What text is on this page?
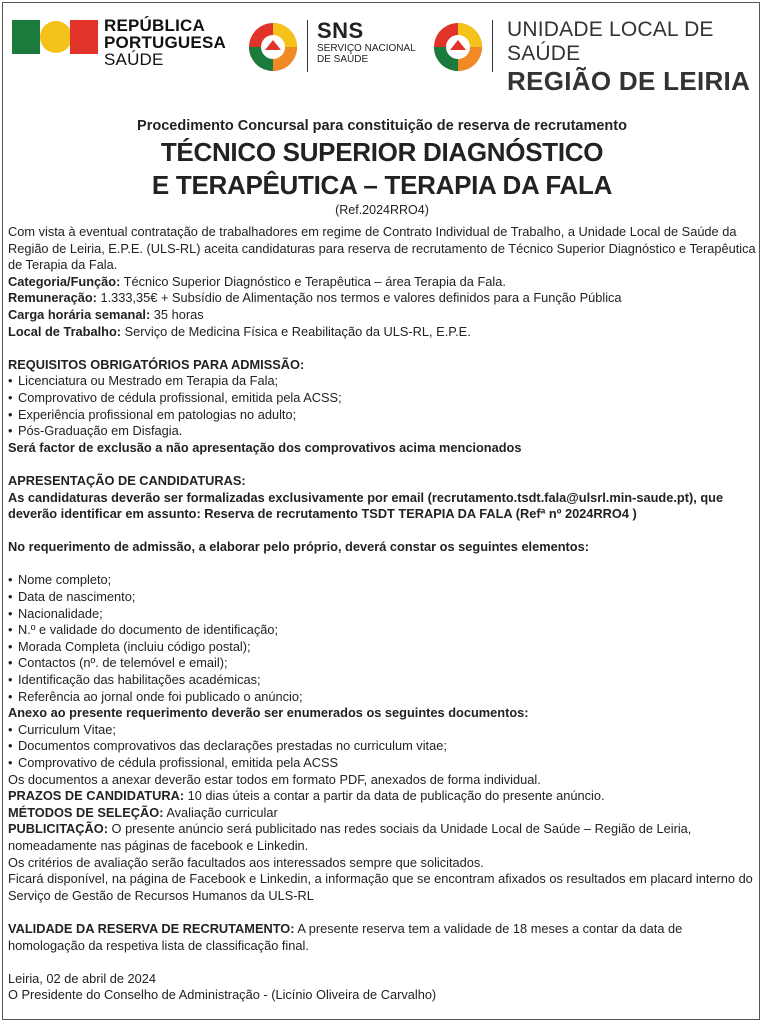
REPÚBLICA
PORTUGUESA
SAÚDE
SNS
SERVIÇO NACIONAL
DE SAÚDE
UNIDADE LOCAL DE SAÚDE
REGIÃO DE LEIRIA
Procedimento Concursal para constituição de reserva de recrutamento
TÉCNICO SUPERIOR DIAGNÓSTICO
E TERAPÊUTICA – TERAPIA DA FALA
(Ref.2024RRO4)

Com vista à eventual contratação de trabalhadores em regime de Contrato Individual de Trabalho, a Unidade Local de Saúde da Região de Leiria, E.P.E. (ULS-RL) aceita candidaturas para reserva de recrutamento de Técnico Superior Diagnóstico e Terapêutica de Terapia da Fala.

Categoria/Função: Técnico Superior Diagnóstico e Terapêutica – área Terapia da Fala.

Remuneração: 1.333,35€ + Subsídio de Alimentação nos termos e valores definidos para a Função Pública

Carga horária semanal: 35 horas

Local de Trabalho: Serviço de Medicina Física e Reabilitação da ULS-RL, E.P.E.

REQUISITOS OBRIGATÓRIOS PARA ADMISSÃO:

• Licenciatura ou Mestrado em Terapia da Fala;
• Comprovativo de cédula profissional, emitida pela ACSS;
• Experiência profissional em patologias no adulto;
• Pós-Graduação em Disfagia.

Será factor de exclusão a não apresentação dos comprovativos acima mencionados

APRESENTAÇÃO DE CANDIDATURAS:

As candidaturas deverão ser formalizadas exclusivamente por email (recrutamento.tsdt.fala@ulsrl.min-saude.pt), que deverão identificar em assunto: Reserva de recrutamento TSDT TERAPIA DA FALA (Refª nº 2024RRO4 )

No requerimento de admissão, a elaborar pelo próprio, deverá constar os seguintes elementos:

• Nome completo;
• Data de nascimento;
• Nacionalidade;
• N.º e validade do documento de identificação;
• Morada Completa (incluiu código postal);
• Contactos (nº. de telemóvel e email);
• Identificação das habilitações académicas;
• Referência ao jornal onde foi publicado o anúncio;

Anexo ao presente requerimento deverão ser enumerados os seguintes documentos:

• Curriculum Vitae;
• Documentos comprovativos das declarações prestadas no curriculum vitae;
• Comprovativo de cédula profissional, emitida pela ACSS

Os documentos a anexar deverão estar todos em formato PDF, anexados de forma individual.

PRAZOS DE CANDIDATURA: 10 dias úteis a contar a partir da data de publicação do presente anúncio.

MÉTODOS DE SELEÇÃO: Avaliação curricular

PUBLICITAÇÃO: O presente anúncio será publicitado nas redes sociais da Unidade Local de Saúde – Região de Leiria, nomeadamente nas páginas de facebook e Linkedin.

Os critérios de avaliação serão facultados aos interessados sempre que solicitados.

Ficará disponível, na página de Facebook e Linkedin, a informação que se encontram afixados os resultados em placard interno do Serviço de Gestão de Recursos Humanos da ULS-RL

VALIDADE DA RESERVA DE RECRUTAMENTO: A presente reserva tem a validade de 18 meses a contar da data de homologação da respetiva lista de classificação final.

Leiria, 02 de abril de 2024

O Presidente do Conselho de Administração - (Licínio Oliveira de Carvalho)
